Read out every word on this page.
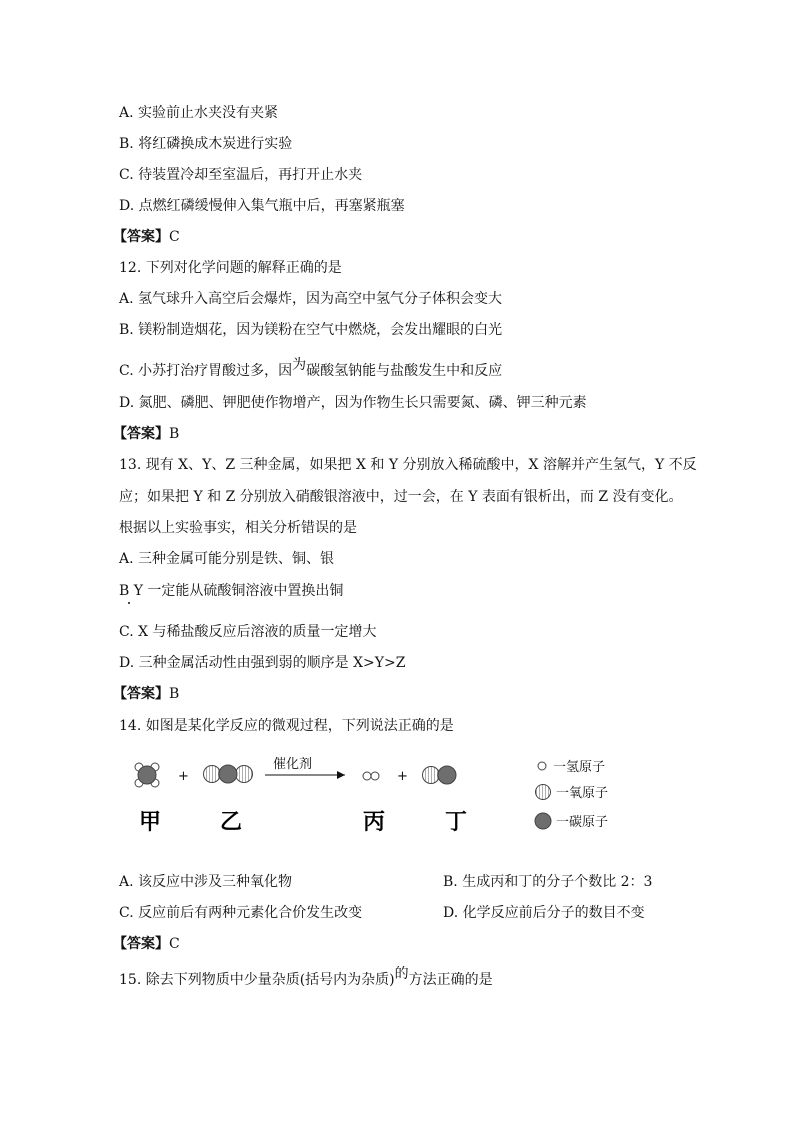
A. 实验前止水夹没有夹紧
B. 将红磷换成木炭进行实验
C. 待装置冷却至室温后，再打开止水夹
D. 点燃红磷缓慢伸入集气瓶中后，再塞紧瓶塞
【答案】C
12. 下列对化学问题的解释正确的是
A. 氢气球升入高空后会爆炸，因为高空中氢气分子体积会变大
B. 镁粉制造烟花，因为镁粉在空气中燃烧，会发出耀眼的白光
C. 小苏打治疗胃酸过多，因为碳酸氢钠能与盐酸发生中和反应
D. 氮肥、磷肥、钾肥使作物增产，因为作物生长只需要氮、磷、钾三种元素
【答案】B
13. 现有 X、Y、Z 三种金属，如果把 X 和 Y 分别放入稀硫酸中，X 溶解并产生氢气，Y 不反
应；如果把 Y 和 Z 分别放入硝酸银溶液中，过一会，在 Y 表面有银析出，而 Z 没有变化。
根据以上实验事实，相关分析错误的是
A. 三种金属可能分别是铁、铜、银
B Y 一定能从硫酸铜溶液中置换出铜
C. X 与稀盐酸反应后溶液的质量一定增大
D. 三种金属活动性由强到弱的顺序是 X>Y>Z
【答案】B
14. 如图是某化学反应的微观过程，下列说法正确的是
+
催化剂
+
甲	乙	丙	丁
一氢原子
一氧原子
一碳原子
A. 该反应中涉及三种氧化物	B. 生成丙和丁的分子个数比 2：3
C. 反应前后有两种元素化合价发生改变	D. 化学反应前后分子的数目不变
【答案】C
15. 除去下列物质中少量杂质(括号内为杂质)的方法正确的是
